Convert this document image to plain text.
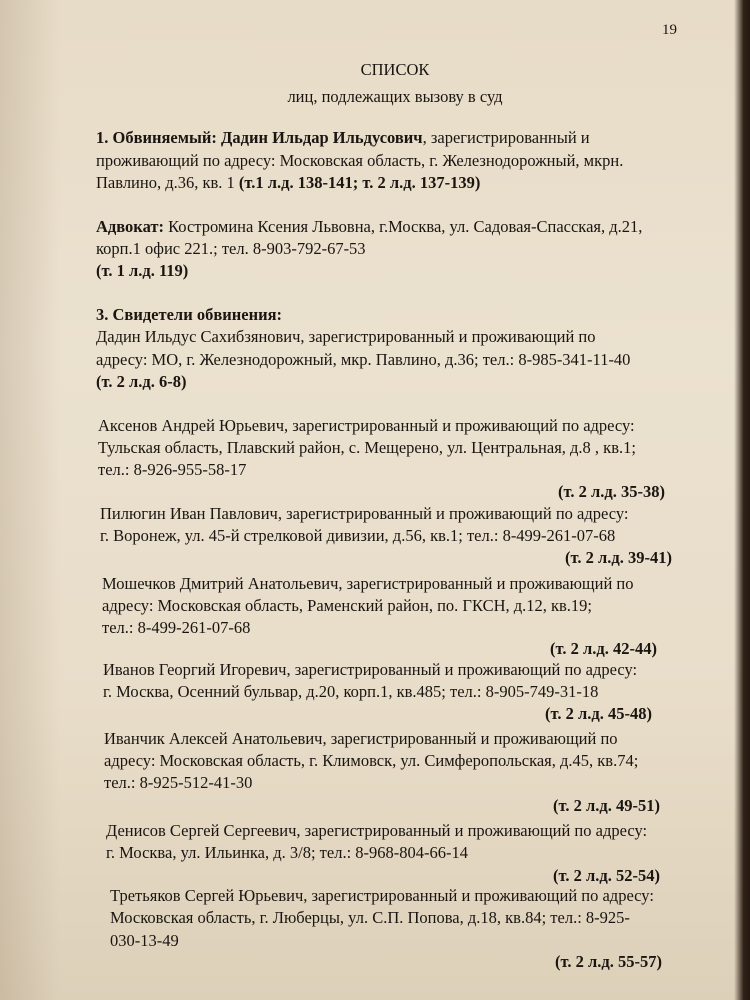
19
СПИСОК
лиц, подлежащих вызову в суд
1. Обвиняемый: Дадин Ильдар Ильдусович, зарегистрированный и
проживающий по адресу: Московская область, г. Железнодорожный, мкрн.
Павлино, д.36, кв. 1 (т.1 л.д. 138-141; т. 2 л.д. 137-139)
Адвокат: Костромина Ксения Львовна, г.Москва, ул. Садовая-Спасская, д.21,
корп.1 офис 221.; тел. 8-903-792-67-53
(т. 1 л.д. 119)
3. Свидетели обвинения:
Дадин Ильдус Сахибзянович, зарегистрированный и проживающий по
адресу: МО, г. Железнодорожный, мкр. Павлино, д.36; тел.: 8-985-341-11-40
(т. 2 л.д. 6-8)
Аксенов Андрей Юрьевич, зарегистрированный и проживающий по адресу:
Тульская область, Плавский район, с. Мещерено, ул. Центральная, д.8 , кв.1;
тел.: 8-926-955-58-17
(т. 2 л.д. 35-38)
Пилюгин Иван Павлович, зарегистрированный и проживающий по адресу:
г. Воронеж, ул. 45-й стрелковой дивизии, д.56, кв.1; тел.: 8-499-261-07-68
(т. 2 л.д. 39-41)
Мошечков Дмитрий Анатольевич, зарегистрированный и проживающий по
адресу: Московская область, Раменский район, по. ГКСН, д.12, кв.19;
тел.: 8-499-261-07-68
(т. 2 л.д. 42-44)
Иванов Георгий Игоревич, зарегистрированный и проживающий по адресу:
г. Москва, Осенний бульвар, д.20, корп.1, кв.485; тел.: 8-905-749-31-18
(т. 2 л.д. 45-48)
Иванчик Алексей Анатольевич, зарегистрированный и проживающий по
адресу: Московская область, г. Климовск, ул. Симферопольская, д.45, кв.74;
тел.: 8-925-512-41-30
(т. 2 л.д. 49-51)
Денисов Сергей Сергеевич, зарегистрированный и проживающий по адресу:
г. Москва, ул. Ильинка, д. 3/8; тел.: 8-968-804-66-14
(т. 2 л.д. 52-54)
Третьяков Сергей Юрьевич, зарегистрированный и проживающий по адресу:
Московская область, г. Люберцы, ул. С.П. Попова, д.18, кв.84; тел.: 8-925-
030-13-49
(т. 2 л.д. 55-57)
